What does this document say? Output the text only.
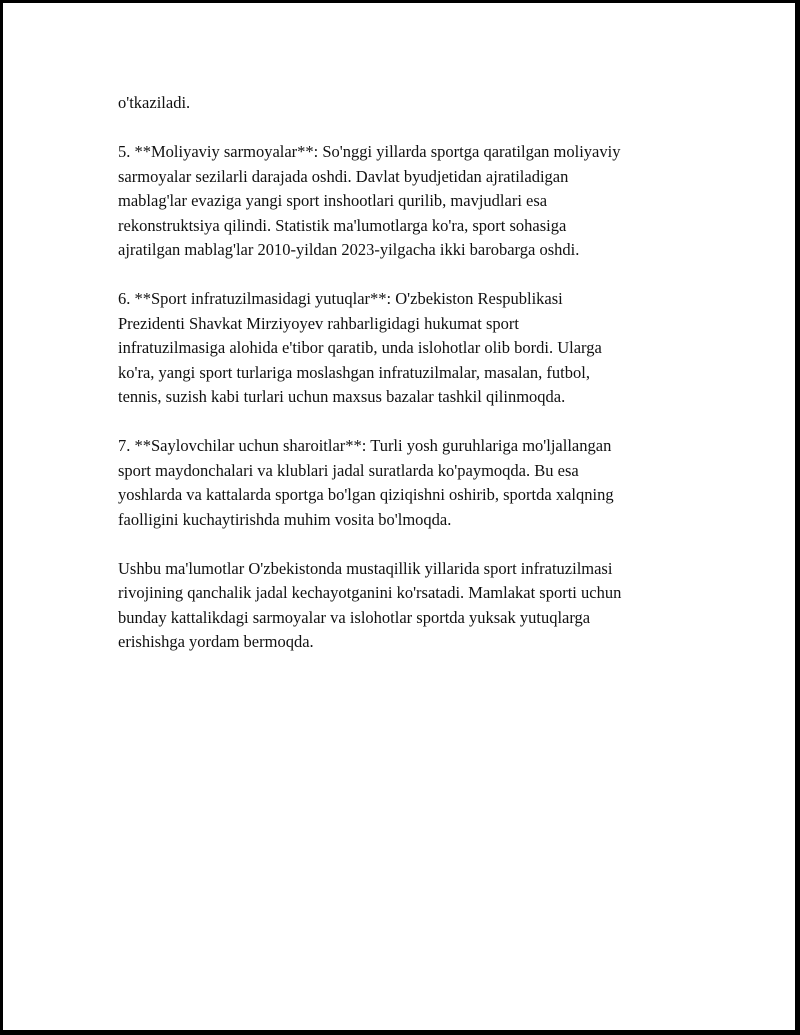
o'tkaziladi.

5. **Moliyaviy sarmoyalar**: So'nggi yillarda sportga qaratilgan moliyaviy
sarmoyalar sezilarli darajada oshdi. Davlat byudjetidan ajratiladigan
mablag'lar evaziga yangi sport inshootlari qurilib, mavjudlari esa
rekonstruktsiya qilindi. Statistik ma'lumotlarga ko'ra, sport sohasiga
ajratilgan mablag'lar 2010-yildan 2023-yilgacha ikki barobarga oshdi.

6. **Sport infratuzilmasidagi yutuqlar**: O'zbekiston Respublikasi
Prezidenti Shavkat Mirziyoyev rahbarligidagi hukumat sport
infratuzilmasiga alohida e'tibor qaratib, unda islohotlar olib bordi. Ularga
ko'ra, yangi sport turlariga moslashgan infratuzilmalar, masalan, futbol,
tennis, suzish kabi turlari uchun maxsus bazalar tashkil qilinmoqda.

7. **Saylovchilar uchun sharoitlar**: Turli yosh guruhlariga mo'ljallangan
sport maydonchalari va klublari jadal suratlarda ko'paymoqda. Bu esa
yoshlarda va kattalarda sportga bo'lgan qiziqishni oshirib, sportda xalqning
faolligini kuchaytirishda muhim vosita bo'lmoqda.

Ushbu ma'lumotlar O'zbekistonda mustaqillik yillarida sport infratuzilmasi
rivojining qanchalik jadal kechayotganini ko'rsatadi. Mamlakat sporti uchun
bunday kattalikdagi sarmoyalar va islohotlar sportda yuksak yutuqlarga
erishishga yordam bermoqda.
